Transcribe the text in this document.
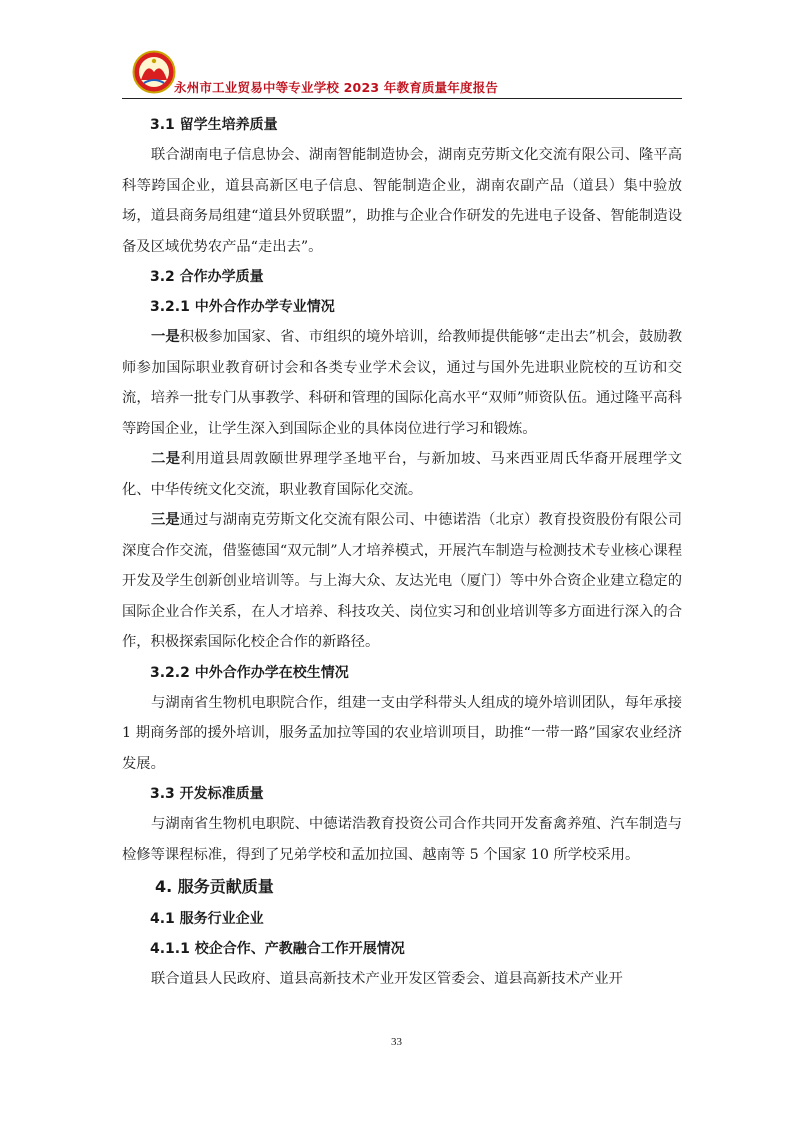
永州市工业贸易中等专业学校 2023 年教育质量年度报告
3.1 留学生培养质量

联合湖南电子信息协会、湖南智能制造协会，湖南克劳斯文化交流有限公司、隆平高科等跨国企业，道县高新区电子信息、智能制造企业，湖南农副产品（道县）集中验放场，道县商务局组建“道县外贸联盟”，助推与企业合作研发的先进电子设备、智能制造设备及区域优势农产品“走出去”。

3.2 合作办学质量
3.2.1 中外合作办学专业情况

一是积极参加国家、省、市组织的境外培训，给教师提供能够“走出去”机会，鼓励教师参加国际职业教育研讨会和各类专业学术会议，通过与国外先进职业院校的互访和交流，培养一批专门从事教学、科研和管理的国际化高水平“双师”师资队伍。通过隆平高科等跨国企业，让学生深入到国际企业的具体岗位进行学习和锻炼。

二是利用道县周敦颐世界理学圣地平台，与新加坡、马来西亚周氏华裔开展理学文化、中华传统文化交流，职业教育国际化交流。

三是通过与湖南克劳斯文化交流有限公司、中德诺浩（北京）教育投资股份有限公司深度合作交流，借鉴德国“双元制”人才培养模式，开展汽车制造与检测技术专业核心课程开发及学生创新创业培训等。与上海大众、友达光电（厦门）等中外合资企业建立稳定的国际企业合作关系，在人才培养、科技攻关、岗位实习和创业培训等多方面进行深入的合作，积极探索国际化校企合作的新路径。

3.2.2 中外合作办学在校生情况

与湖南省生物机电职院合作，组建一支由学科带头人组成的境外培训团队，每年承接 1 期商务部的援外培训，服务孟加拉等国的农业培训项目，助推“一带一路”国家农业经济发展。

3.3 开发标准质量

与湖南省生物机电职院、中德诺浩教育投资公司合作共同开发畜禽养殖、汽车制造与检修等课程标准，得到了兄弟学校和孟加拉国、越南等 5 个国家 10 所学校采用。

4. 服务贡献质量
4.1 服务行业企业
4.1.1 校企合作、产教融合工作开展情况

联合道县人民政府、道县高新技术产业开发区管委会、道县高新技术产业开

33
